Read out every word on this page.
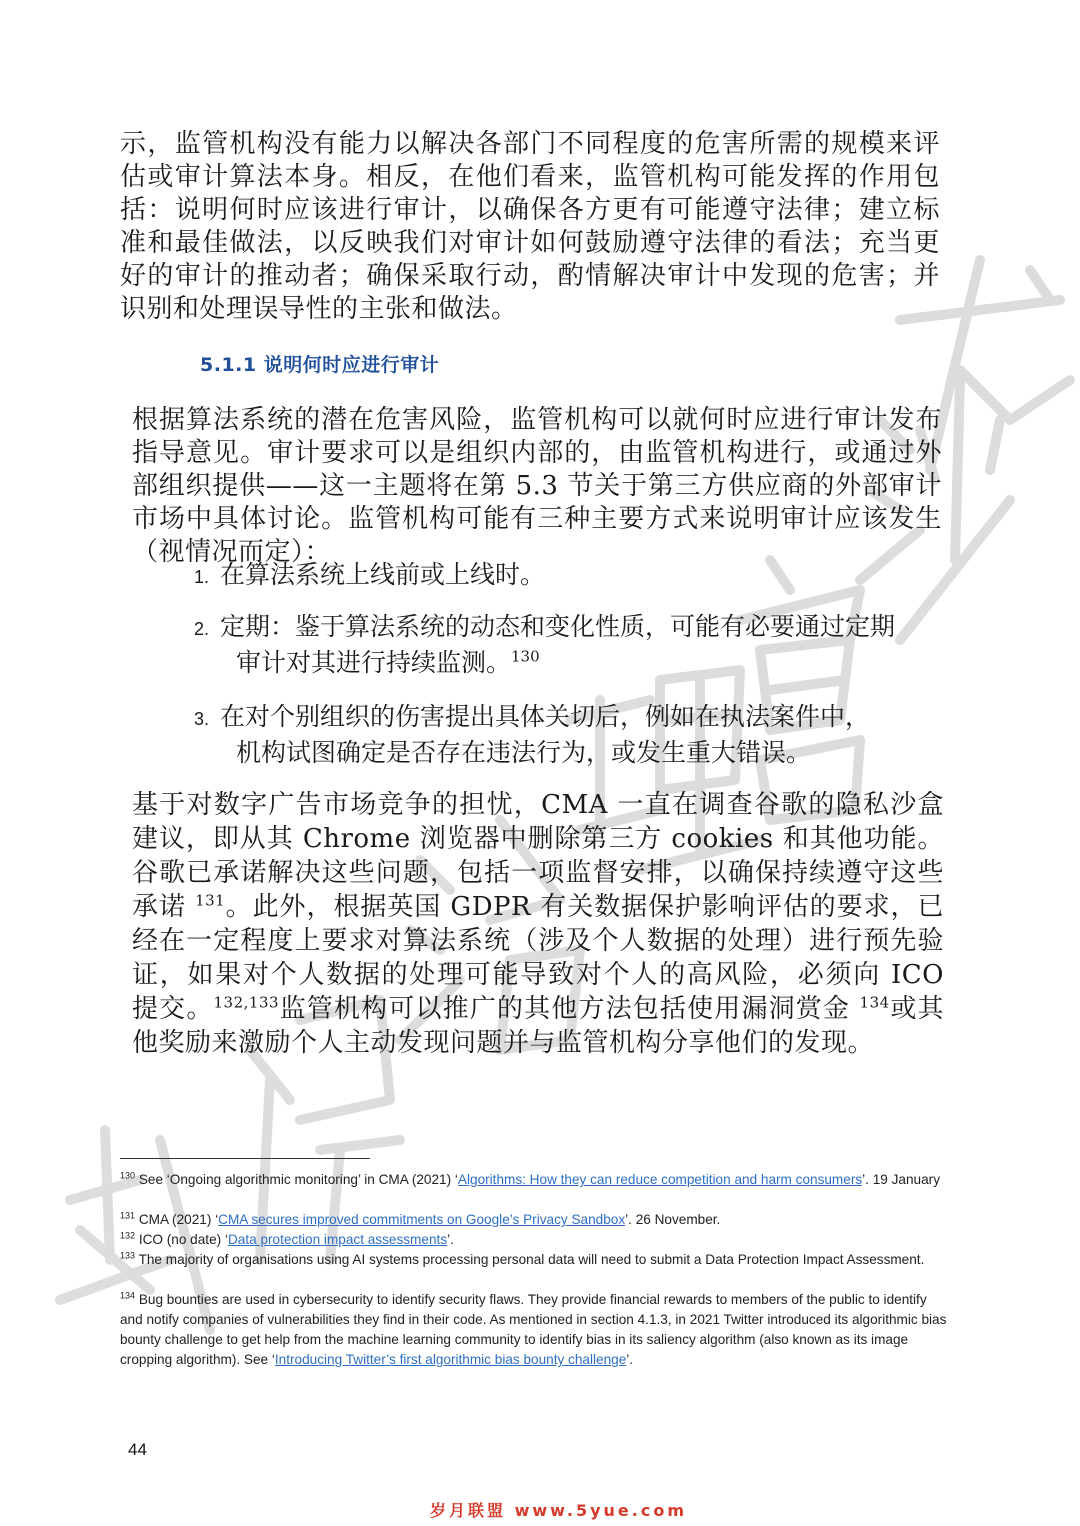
示，监管机构没有能力以解决各部门不同程度的危害所需的规模来评估或审计算法本身。相反，在他们看来，监管机构可能发挥的作用包括：说明何时应该进行审计，以确保各方更有可能遵守法律；建立标准和最佳做法，以反映我们对审计如何鼓励遵守法律的看法；充当更好的审计的推动者；确保采取行动，酌情解决审计中发现的危害；并识别和处理误导性的主张和做法。

5.1.1 说明何时应进行审计

根据算法系统的潜在危害风险，监管机构可以就何时应进行审计发布指导意见。审计要求可以是组织内部的，由监管机构进行，或通过外部组织提供——这一主题将在第 5.3 节关于第三方供应商的外部审计市场中具体讨论。监管机构可能有三种主要方式来说明审计应该发生（视情况而定）：

1. 在算法系统上线前或上线时。
2. 定期：鉴于算法系统的动态和变化性质，可能有必要通过定期
审计对其进行持续监测。$^{130}$
3. 在对个别组织的伤害提出具体关切后，例如在执法案件中，
机构试图确定是否存在违法行为，或发生重大错误。

基于对数字广告市场竞争的担忧，CMA 一直在调查谷歌的隐私沙盒建议，即从其 Chrome 浏览器中删除第三方 cookies 和其他功能。谷歌已承诺解决这些问题，包括一项监督安排，以确保持续遵守这些承诺 $^{131}$。此外，根据英国 GDPR 有关数据保护影响评估的要求，已经在一定程度上要求对算法系统（涉及个人数据的处理）进行预先验证，如果对个人数据的处理可能导致对个人的高风险，必须向 ICO 提交。$^{132,133}$监管机构可以推广的其他方法包括使用漏洞赏金 $^{134}$或其他奖励来激励个人主动发现问题并与监管机构分享他们的发现。

$^{130}$ See ‘Ongoing algorithmic monitoring’ in CMA (2021) ‘Algorithms: How they can reduce competition and harm consumers’. 19 January

$^{131}$ CMA (2021) ‘CMA secures improved commitments on Google’s Privacy Sandbox’. 26 November.

$^{132}$ ICO (no date) ‘Data protection impact assessments’.

$^{133}$ The majority of organisations using AI systems processing personal data will need to submit a Data Protection Impact Assessment.

$^{134}$ Bug bounties are used in cybersecurity to identify security flaws. They provide financial rewards to members of the public to identify and notify companies of vulnerabilities they find in their code. As mentioned in section 4.1.3, in 2021 Twitter introduced its algorithmic bias bounty challenge to get help from the machine learning community to identify bias in its saliency algorithm (also known as its image cropping algorithm). See ‘Introducing Twitter’s first algorithmic bias bounty challenge’.

44

岁月联盟 www.5yue.com
